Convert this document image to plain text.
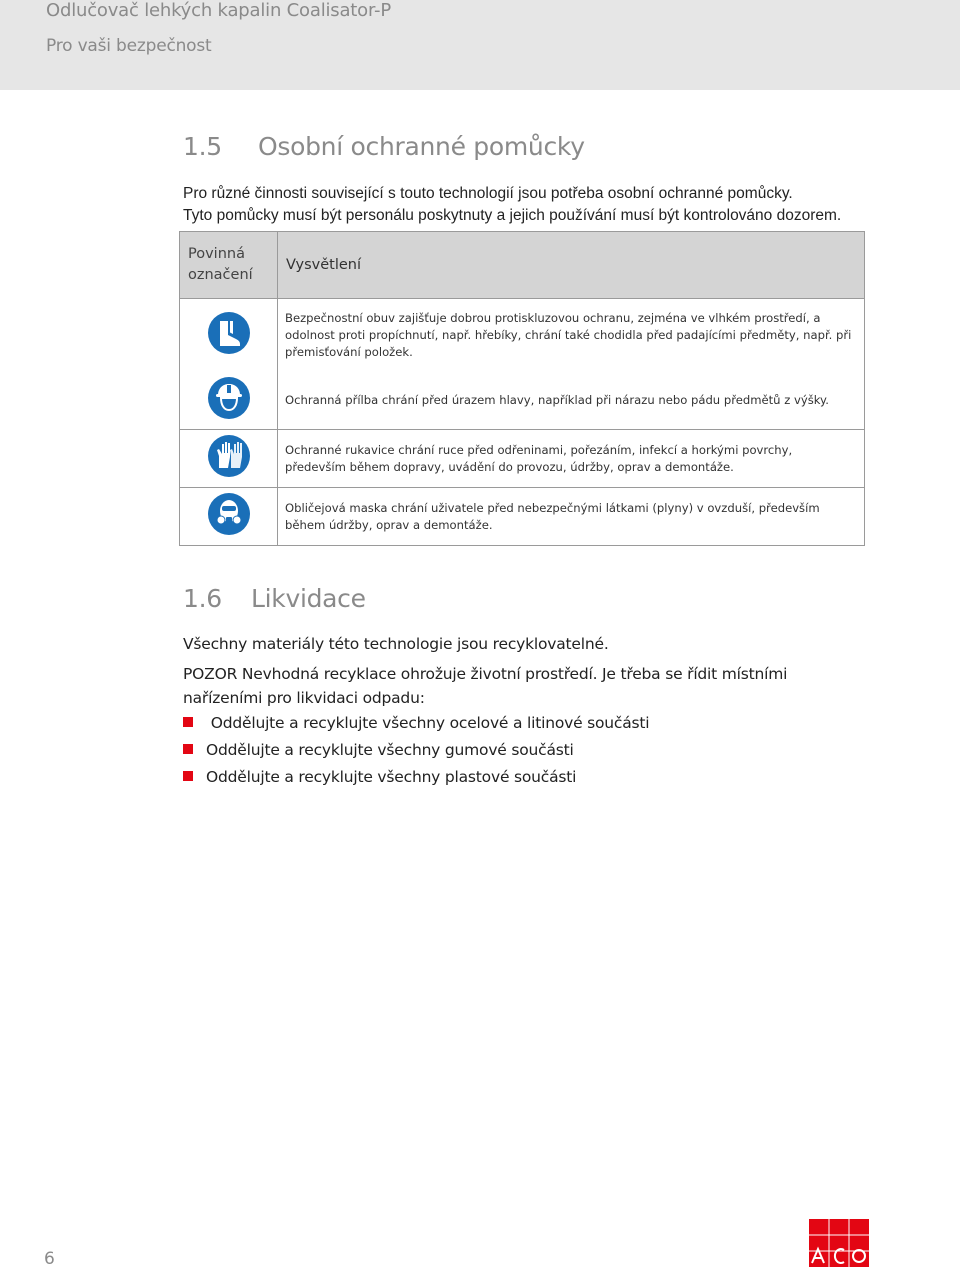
Odlučovač lehkých kapalin Coalisator-P
Pro vaši bezpečnost
1.5 Osobní ochranné pomůcky
Pro různé činnosti související s touto technologií jsou potřeba osobní ochranné pomůcky.
Tyto pomůcky musí být personálu poskytnuty a jejich používání musí být kontrolováno dozorem.
Povinná
označení	Vysvětlení
	Bezpečnostní obuv zajišťuje dobrou protiskluzovou ochranu, zejména ve vlhkém prostředí, a odolnost proti propíchnutí, např. hřebíky, chrání také chodidla před padajícími předměty, např. při přemisťování položek.
	Ochranná přílba chrání před úrazem hlavy, například při nárazu nebo pádu předmětů z výšky.
	Ochranné rukavice chrání ruce před odřeninami, pořezáním, infekcí a horkými povrchy, především během dopravy, uvádění do provozu, údržby, oprav a demontáže.
	Obličejová maska chrání uživatele před nebezpečnými látkami (plyny) v ovzduší, především během údržby, oprav a demontáže.
1.6 Likvidace
Všechny materiály této technologie jsou recyklovatelné.
POZOR Nevhodná recyklace ohrožuje životní prostředí. Je třeba se řídit místními nařízeními pro likvidaci odpadu:
Oddělujte a recyklujte všechny ocelové a litinové součásti
Oddělujte a recyklujte všechny gumové součásti
Oddělujte a recyklujte všechny plastové součásti
6
